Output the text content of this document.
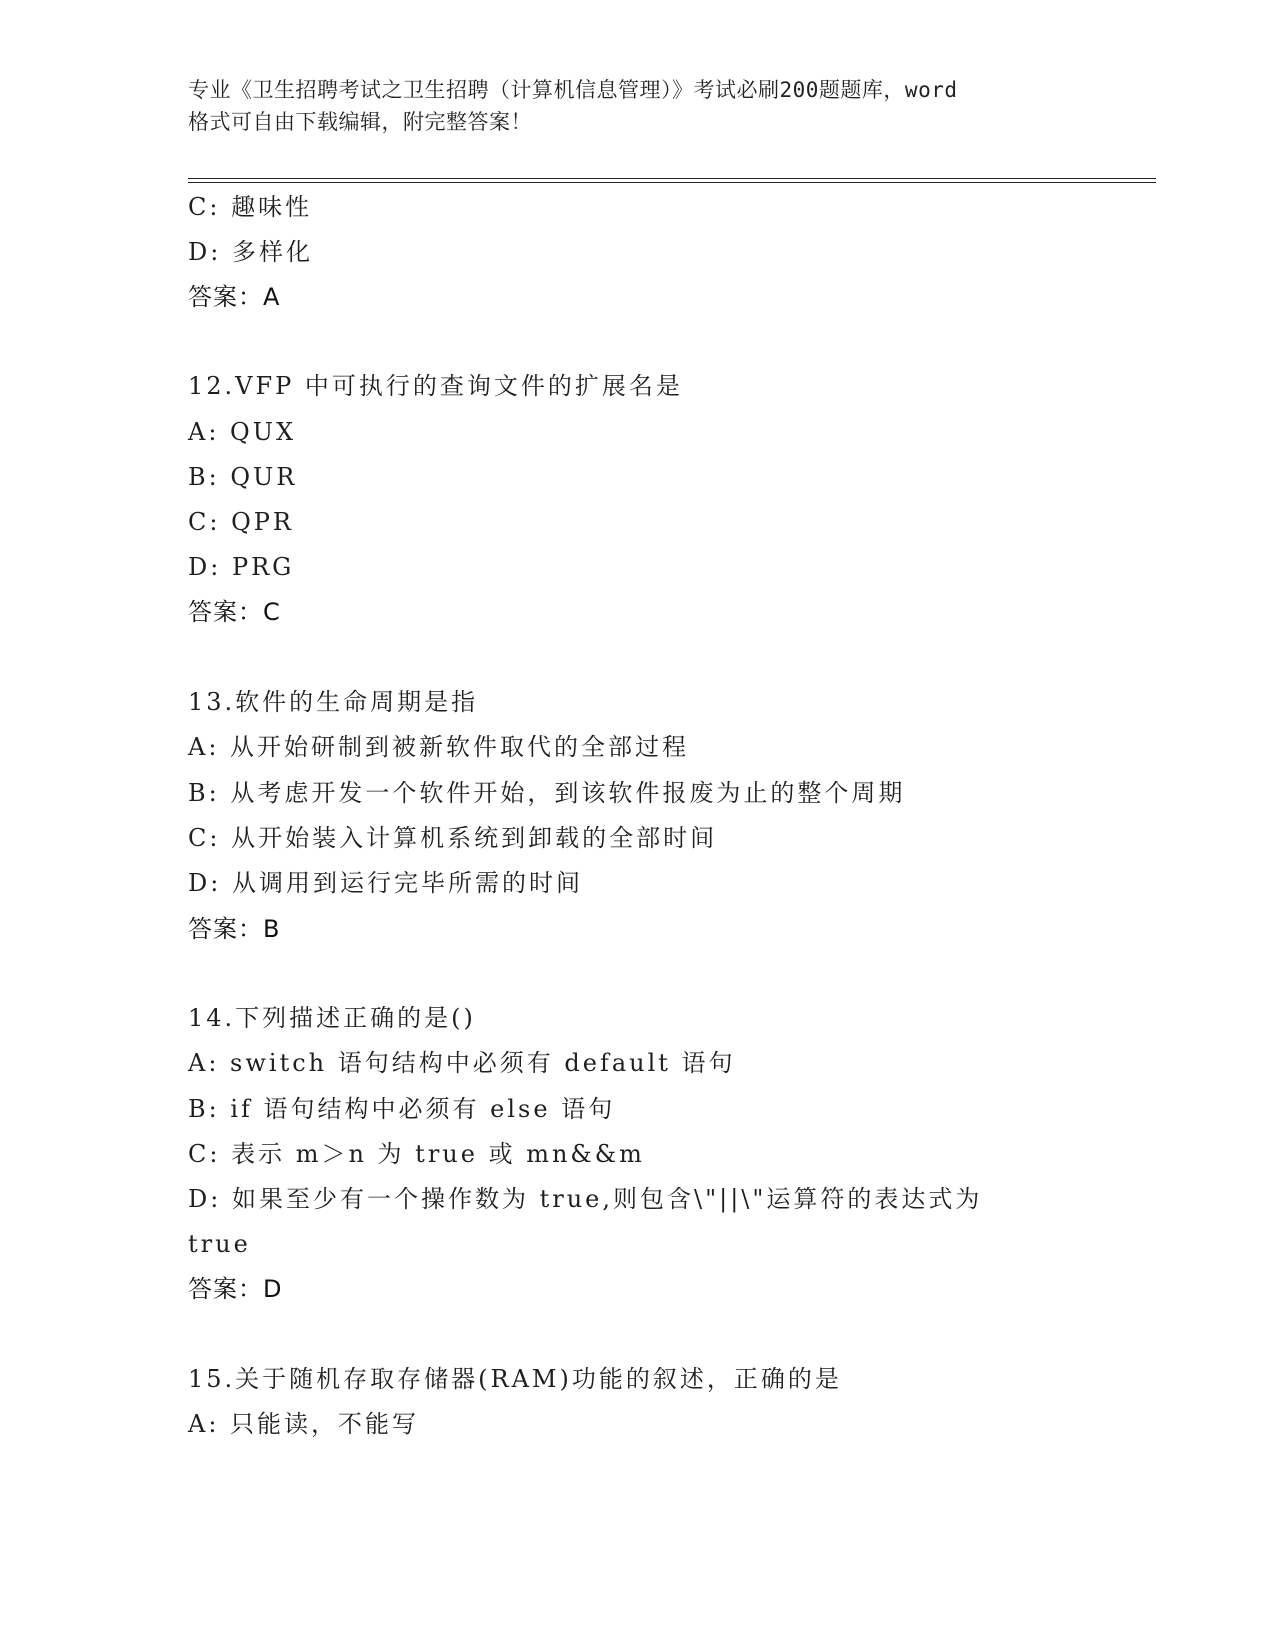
专业《卫生招聘考试之卫生招聘（计算机信息管理）》考试必刷200题题库，word
格式可自由下载编辑，附完整答案！
C: 趣味性
D: 多样化
答案：A
12.VFP 中可执行的查询文件的扩展名是
A: QUX
B: QUR
C: QPR
D: PRG
答案：C
13.软件的生命周期是指
A: 从开始研制到被新软件取代的全部过程
B: 从考虑开发一个软件开始，到该软件报废为止的整个周期
C: 从开始装入计算机系统到卸载的全部时间
D: 从调用到运行完毕所需的时间
答案：B
14.下列描述正确的是()
A: switch 语句结构中必须有 default 语句
B: if 语句结构中必须有 else 语句
C: 表示 m＞n 为 true 或 mn&&m
D: 如果至少有一个操作数为 true,则包含\"||\"运算符的表达式为
true
答案：D
15.关于随机存取存储器(RAM)功能的叙述，正确的是
A: 只能读，不能写
